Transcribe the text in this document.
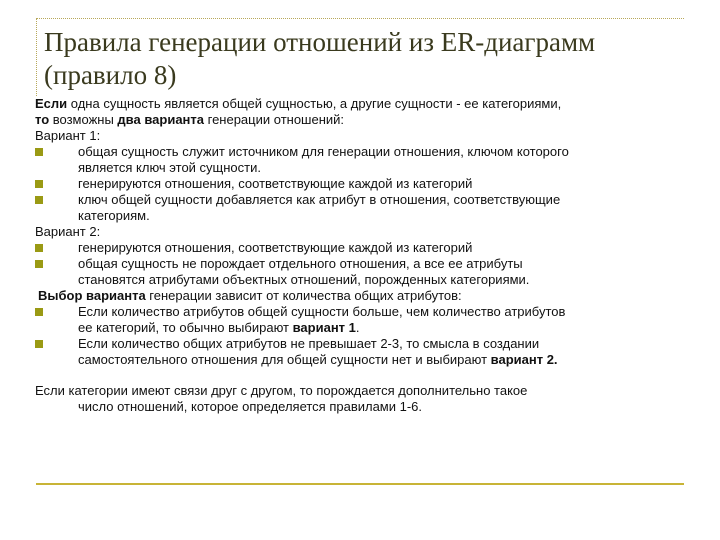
Правила генерации отношений из ER-диаграмм
(правило 8)
Если одна сущность является общей сущностью, а другие сущности - ее категориями,
то возможны два варианта генерации отношений:
Вариант 1:
общая сущность служит источником для генерации отношения, ключом которого
является ключ этой сущности.
генерируются отношения, соответствующие каждой из категорий
ключ общей сущности добавляется как атрибут в отношения, соответствующие
категориям.
Вариант 2:
генерируются отношения, соответствующие каждой из категорий
общая сущность не порождает отдельного отношения, а все ее атрибуты
становятся атрибутами объектных отношений, порожденных категориями.
Выбор варианта генерации зависит от количества общих атрибутов:
Если количество атрибутов общей сущности больше, чем количество атрибутов
ее категорий, то обычно выбирают вариант 1.
Если количество общих атрибутов не превышает 2-3, то смысла в создании
самостоятельного отношения для общей сущности нет и выбирают вариант 2.
Если категории имеют связи друг с другом, то порождается дополнительно такое
число отношений, которое определяется правилами 1-6.
